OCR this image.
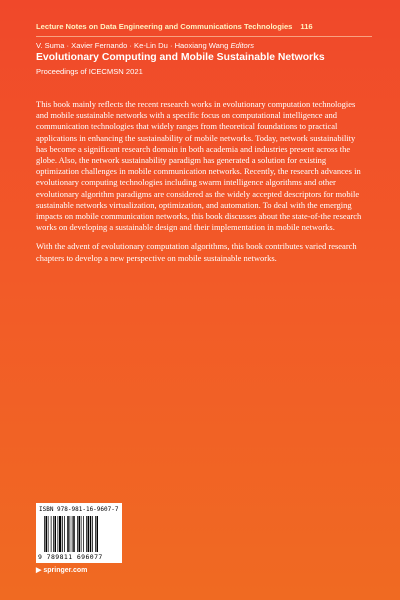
Lecture Notes on Data Engineering and Communications Technologies 116
V. Suma · Xavier Fernando · Ke-Lin Du · Haoxiang Wang Editors
Evolutionary Computing and Mobile Sustainable Networks
Proceedings of ICECMSN 2021

This book mainly reflects the recent research works in evolutionary computation technologies and mobile sustainable networks with a specific focus on computational intelligence and communication technologies that widely ranges from theoretical foundations to practical applications in enhancing the sustainability of mobile networks. Today, network sustainability has become a significant research domain in both academia and industries present across the globe. Also, the network sustainability paradigm has generated a solution for existing optimization challenges in mobile communication networks. Recently, the research advances in evolutionary computing technologies including swarm intelligence algorithms and other evolutionary algorithm paradigms are considered as the widely accepted descriptors for mobile sustainable networks virtualization, optimization, and automation. To deal with the emerging impacts on mobile communication networks, this book discusses about the state-of-the research works on developing a sustainable design and their implementation in mobile networks.

With the advent of evolutionary computation algorithms, this book contributes varied research chapters to develop a new perspective on mobile sustainable networks.

ISBN 978-981-16-9607-7
9 789811 696077
▶ springer.com
